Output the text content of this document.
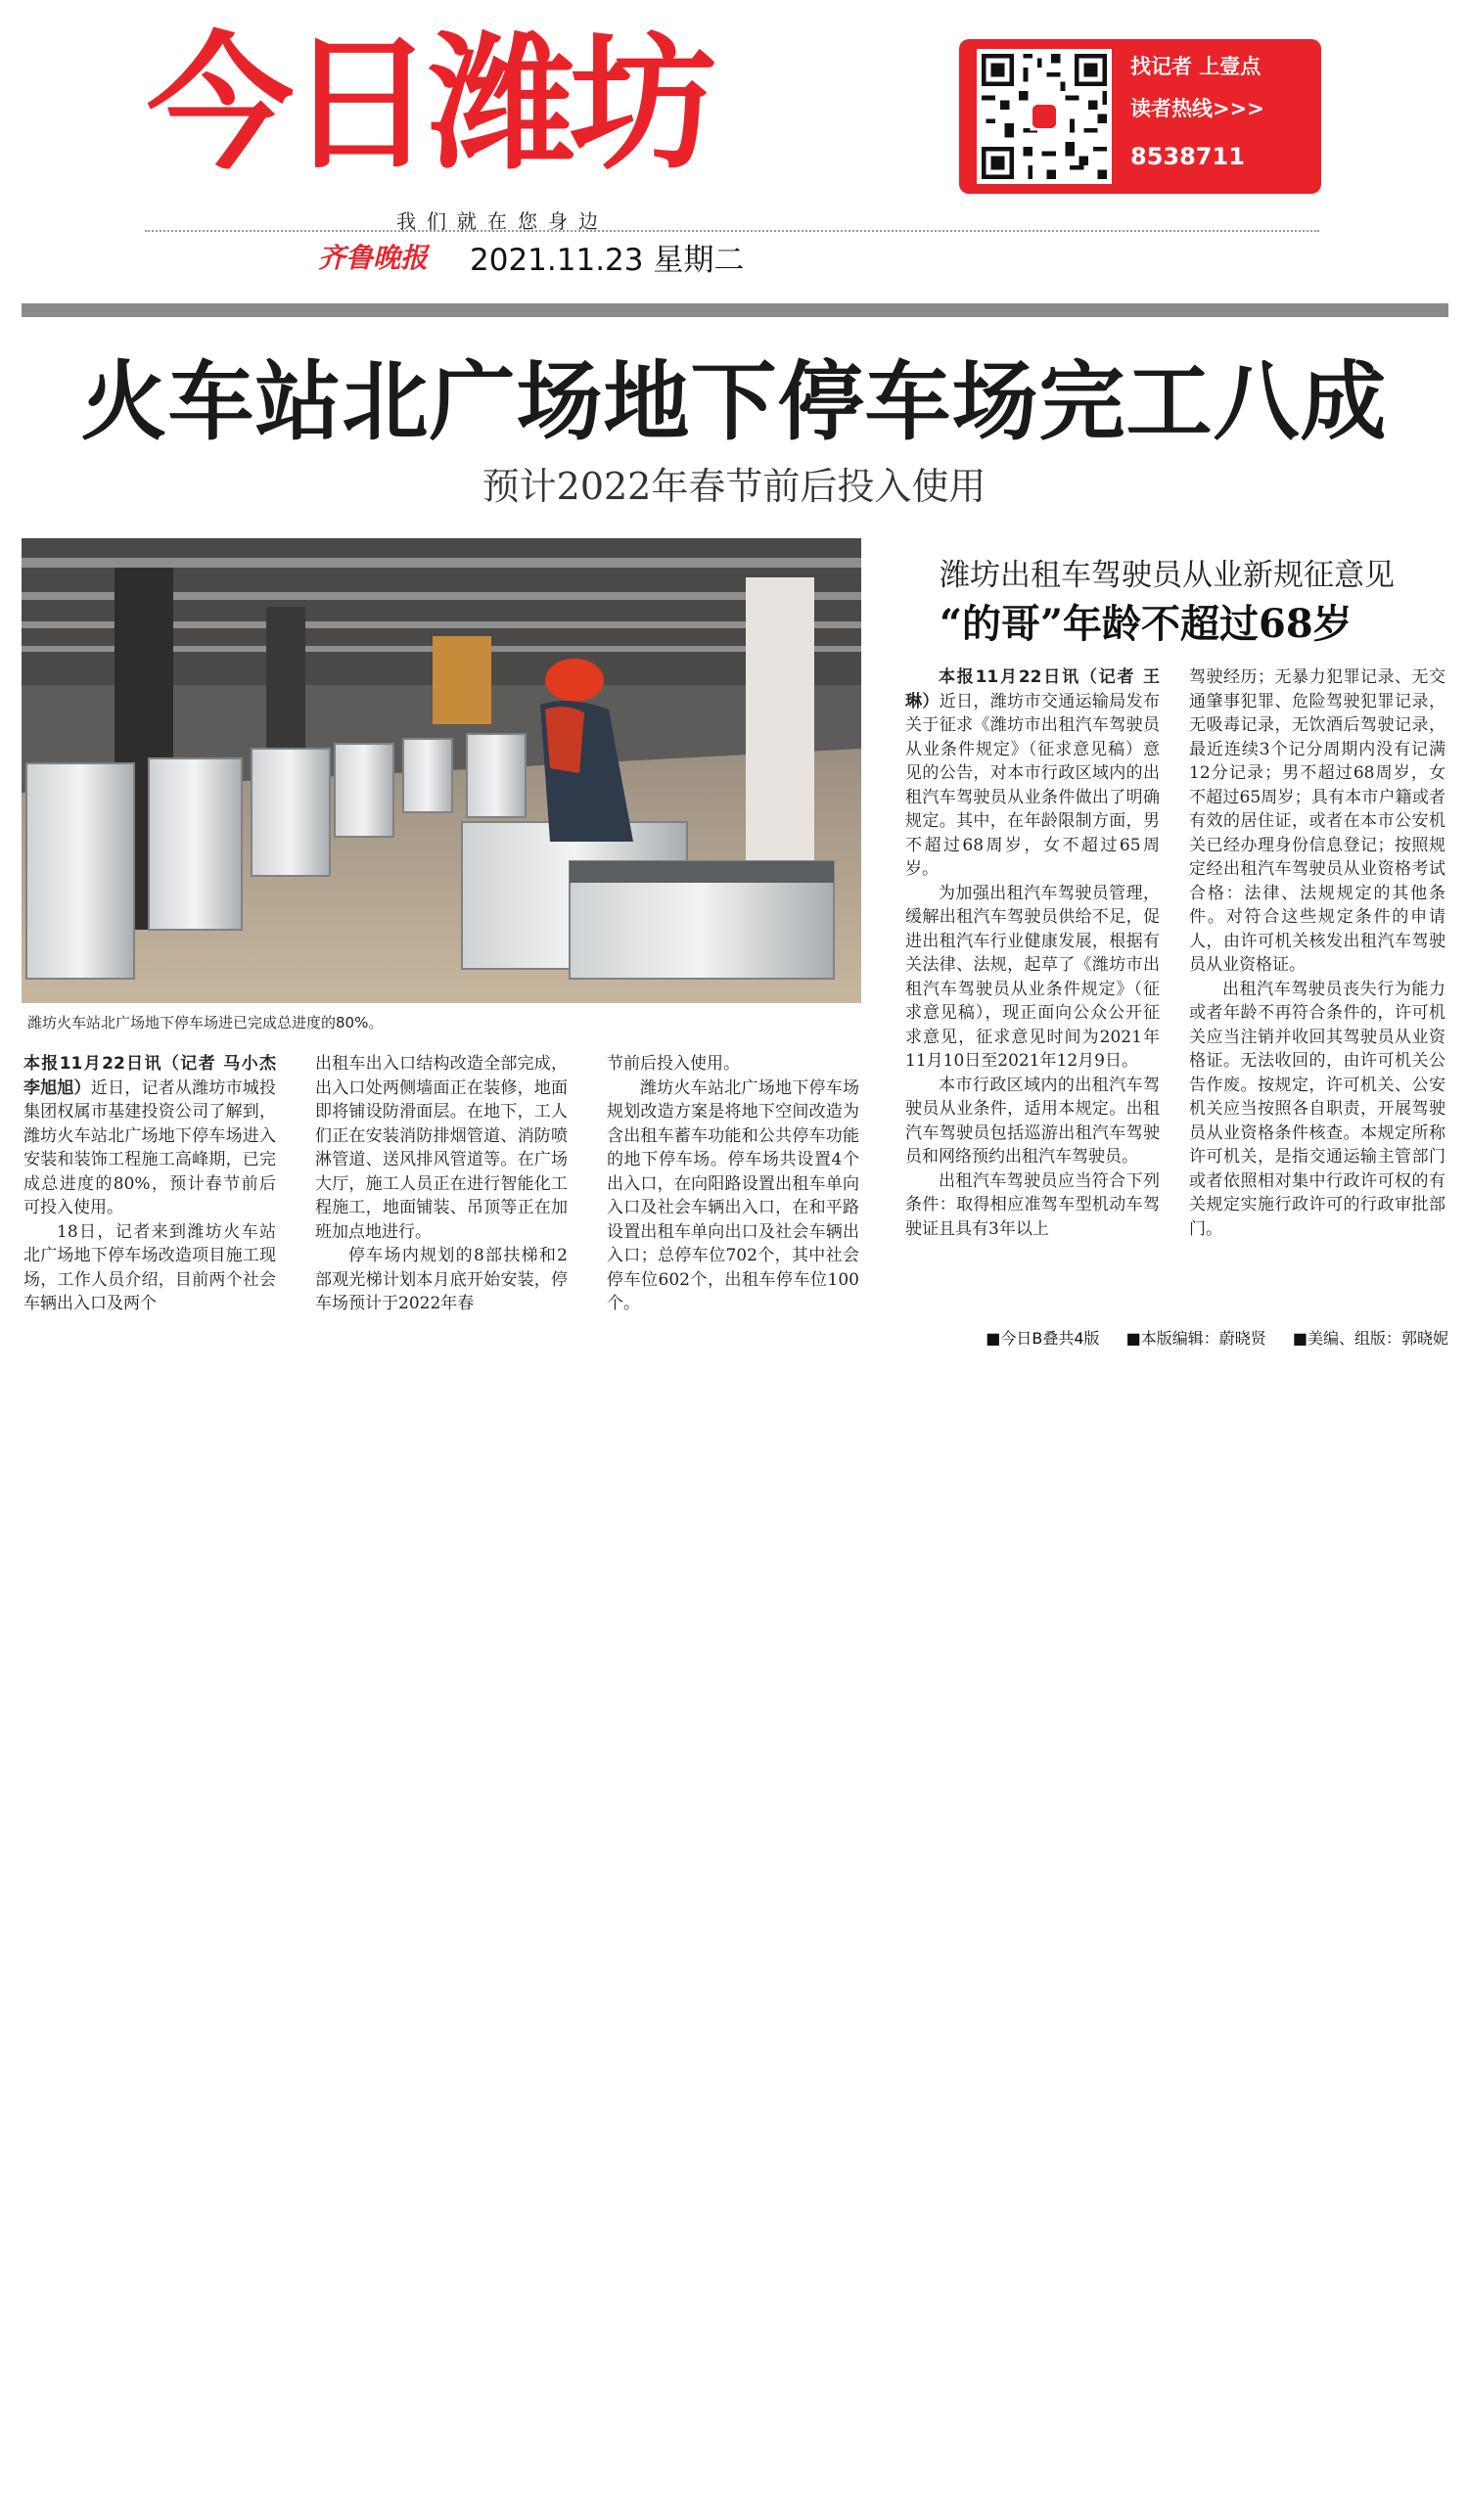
今日潍坊
我们就在您身边
齐鲁晚报 2021.11.23 星期二
找记者 上壹点
读者热线>>>
8538711
火车站北广场地下停车场完工八成
预计2022年春节前后投入使用
潍坊火车站北广场地下停车场进已完成总进度的80%。

本报11月22日讯（记者 马小杰 李旭旭）近日，记者从潍坊市城投集团权属市基建投资公司了解到，潍坊火车站北广场地下停车场进入安装和装饰工程施工高峰期，已完成总进度的80%，预计春节前后可投入使用。

18日，记者来到潍坊火车站北广场地下停车场改造项目施工现场，工作人员介绍，目前两个社会车辆出入口及两个

出租车出入口结构改造全部完成，出入口处两侧墙面正在装修，地面即将铺设防滑面层。在地下，工人们正在安装消防排烟管道、消防喷淋管道、送风排风管道等。在广场大厅，施工人员正在进行智能化工程施工，地面铺装、吊顶等正在加班加点地进行。

停车场内规划的8部扶梯和2部观光梯计划本月底开始安装，停车场预计于2022年春

节前后投入使用。

潍坊火车站北广场地下停车场规划改造方案是将地下空间改造为含出租车蓄车功能和公共停车功能的地下停车场。停车场共设置4个出入口，在向阳路设置出租车单向入口及社会车辆出入口，在和平路设置出租车单向出口及社会车辆出入口；总停车位702个，其中社会停车位602个，出租车停车位100个。

潍坊出租车驾驶员从业新规征意见
“的哥”年龄不超过68岁

本报11月22日讯（记者 王琳）近日，潍坊市交通运输局发布关于征求《潍坊市出租汽车驾驶员从业条件规定》（征求意见稿）意见的公告，对本市行政区域内的出租汽车驾驶员从业条件做出了明确规定。其中，在年龄限制方面，男不超过68周岁，女不超过65周岁。

为加强出租汽车驾驶员管理，缓解出租汽车驾驶员供给不足，促进出租汽车行业健康发展，根据有关法律、法规，起草了《潍坊市出租汽车驾驶员从业条件规定》（征求意见稿），现正面向公众公开征求意见，征求意见时间为2021年11月10日至2021年12月9日。

本市行政区域内的出租汽车驾驶员从业条件，适用本规定。出租汽车驾驶员包括巡游出租汽车驾驶员和网络预约出租汽车驾驶员。

出租汽车驾驶员应当符合下列条件：取得相应准驾车型机动车驾驶证且具有3年以上

驾驶经历；无暴力犯罪记录、无交通肇事犯罪、危险驾驶犯罪记录，无吸毒记录，无饮酒后驾驶记录，最近连续3个记分周期内没有记满12分记录；男不超过68周岁，女不超过65周岁；具有本市户籍或者有效的居住证，或者在本市公安机关已经办理身份信息登记；按照规定经出租汽车驾驶员从业资格考试合格：法律、法规规定的其他条件。对符合这些规定条件的申请人，由许可机关核发出租汽车驾驶员从业资格证。

出租汽车驾驶员丧失行为能力或者年龄不再符合条件的，许可机关应当注销并收回其驾驶员从业资格证。无法收回的，由许可机关公告作废。按规定，许可机关、公安机关应当按照各自职责，开展驾驶员从业资格条件核查。本规定所称许可机关，是指交通运输主管部门或者依照相对集中行政许可权的有关规定实施行政许可的行政审批部门。

■今日B叠共4版 ■本版编辑：蔚晓贤 ■美编、组版：郭晓妮
